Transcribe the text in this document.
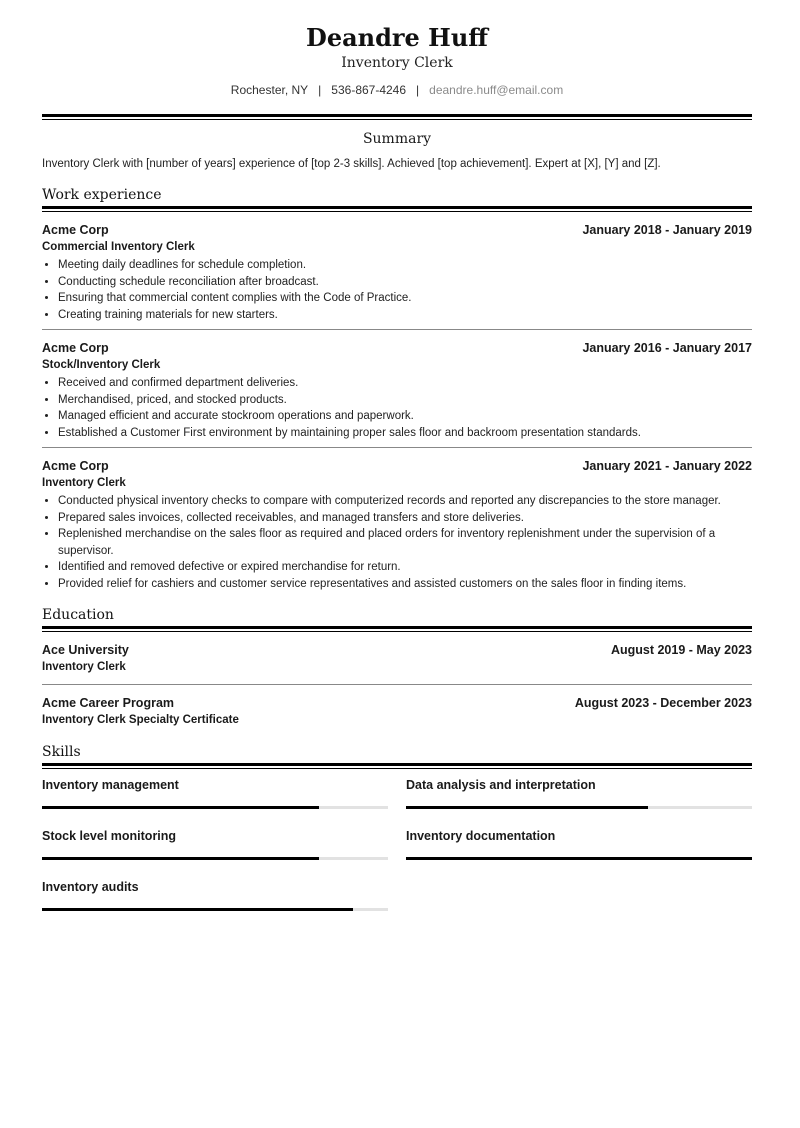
Deandre Huff
Inventory Clerk
Rochester, NY | 536-867-4246 | deandre.huff@email.com
Summary
Inventory Clerk with [number of years] experience of [top 2-3 skills]. Achieved [top achievement]. Expert at [X], [Y] and [Z].
Work experience
Acme Corp	January 2018 - January 2019
Commercial Inventory Clerk
• Meeting daily deadlines for schedule completion.
• Conducting schedule reconciliation after broadcast.
• Ensuring that commercial content complies with the Code of Practice.
• Creating training materials for new starters.
Acme Corp	January 2016 - January 2017
Stock/Inventory Clerk
• Received and confirmed department deliveries.
• Merchandised, priced, and stocked products.
• Managed efficient and accurate stockroom operations and paperwork.
• Established a Customer First environment by maintaining proper sales floor and backroom presentation standards.
Acme Corp	January 2021 - January 2022
Inventory Clerk
• Conducted physical inventory checks to compare with computerized records and reported any discrepancies to the store manager.
• Prepared sales invoices, collected receivables, and managed transfers and store deliveries.
• Replenished merchandise on the sales floor as required and placed orders for inventory replenishment under the supervision of a supervisor.
• Identified and removed defective or expired merchandise for return.
• Provided relief for cashiers and customer service representatives and assisted customers on the sales floor in finding items.
Education
Ace University	August 2019 - May 2023
Inventory Clerk
Acme Career Program	August 2023 - December 2023
Inventory Clerk Specialty Certificate
Skills
Inventory management	Data analysis and interpretation
Stock level monitoring	Inventory documentation
Inventory audits
